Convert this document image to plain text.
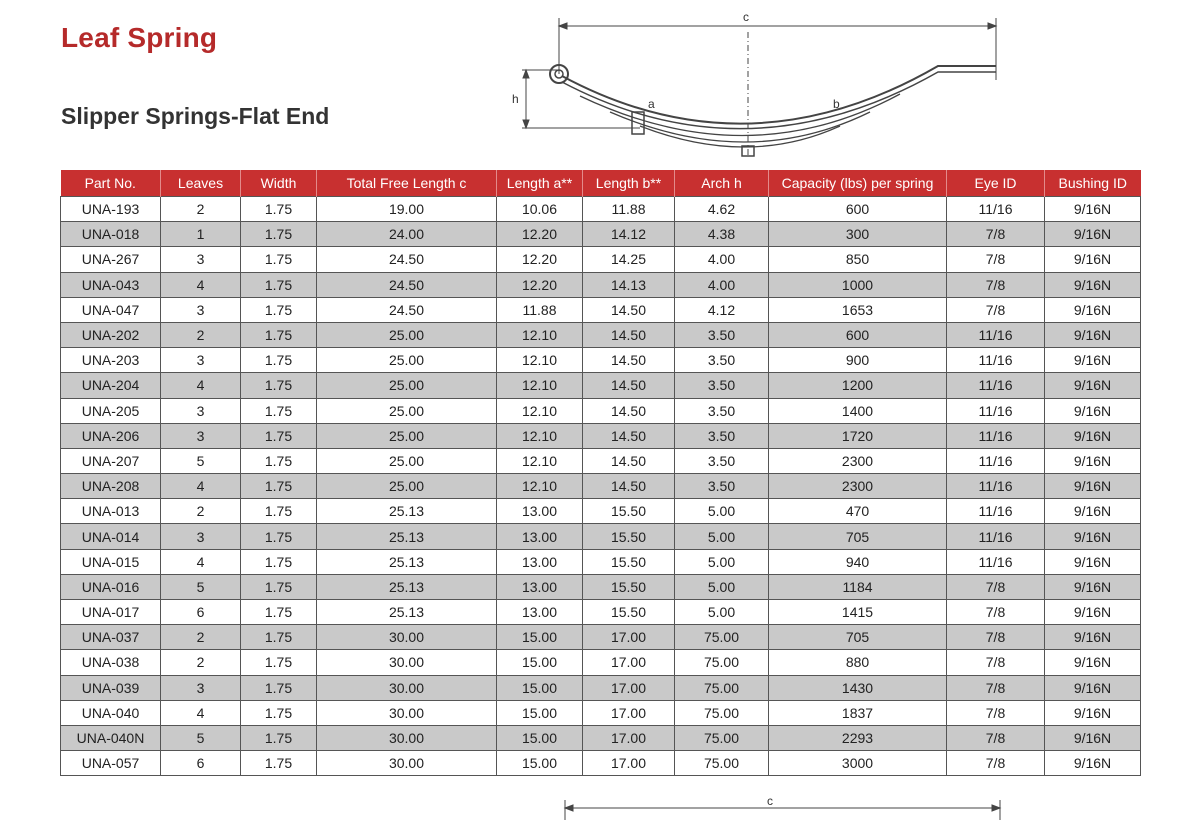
Leaf Spring
Slipper Springs-Flat End
c
h	a	b
c
Part No.	Leaves	Width	Total Free Length c	Length a**	Length b**	Arch h	Capacity (lbs) per spring	Eye ID	Bushing ID
UNA-193	2	1.75	19.00	10.06	11.88	4.62	600	11/16	9/16N
UNA-018	1	1.75	24.00	12.20	14.12	4.38	300	7/8	9/16N
UNA-267	3	1.75	24.50	12.20	14.25	4.00	850	7/8	9/16N
UNA-043	4	1.75	24.50	12.20	14.13	4.00	1000	7/8	9/16N
UNA-047	3	1.75	24.50	11.88	14.50	4.12	1653	7/8	9/16N
UNA-202	2	1.75	25.00	12.10	14.50	3.50	600	11/16	9/16N
UNA-203	3	1.75	25.00	12.10	14.50	3.50	900	11/16	9/16N
UNA-204	4	1.75	25.00	12.10	14.50	3.50	1200	11/16	9/16N
UNA-205	3	1.75	25.00	12.10	14.50	3.50	1400	11/16	9/16N
UNA-206	3	1.75	25.00	12.10	14.50	3.50	1720	11/16	9/16N
UNA-207	5	1.75	25.00	12.10	14.50	3.50	2300	11/16	9/16N
UNA-208	4	1.75	25.00	12.10	14.50	3.50	2300	11/16	9/16N
UNA-013	2	1.75	25.13	13.00	15.50	5.00	470	11/16	9/16N
UNA-014	3	1.75	25.13	13.00	15.50	5.00	705	11/16	9/16N
UNA-015	4	1.75	25.13	13.00	15.50	5.00	940	11/16	9/16N
UNA-016	5	1.75	25.13	13.00	15.50	5.00	1184	7/8	9/16N
UNA-017	6	1.75	25.13	13.00	15.50	5.00	1415	7/8	9/16N
UNA-037	2	1.75	30.00	15.00	17.00	75.00	705	7/8	9/16N
UNA-038	2	1.75	30.00	15.00	17.00	75.00	880	7/8	9/16N
UNA-039	3	1.75	30.00	15.00	17.00	75.00	1430	7/8	9/16N
UNA-040	4	1.75	30.00	15.00	17.00	75.00	1837	7/8	9/16N
UNA-040N	5	1.75	30.00	15.00	17.00	75.00	2293	7/8	9/16N
UNA-057	6	1.75	30.00	15.00	17.00	75.00	3000	7/8	9/16N
